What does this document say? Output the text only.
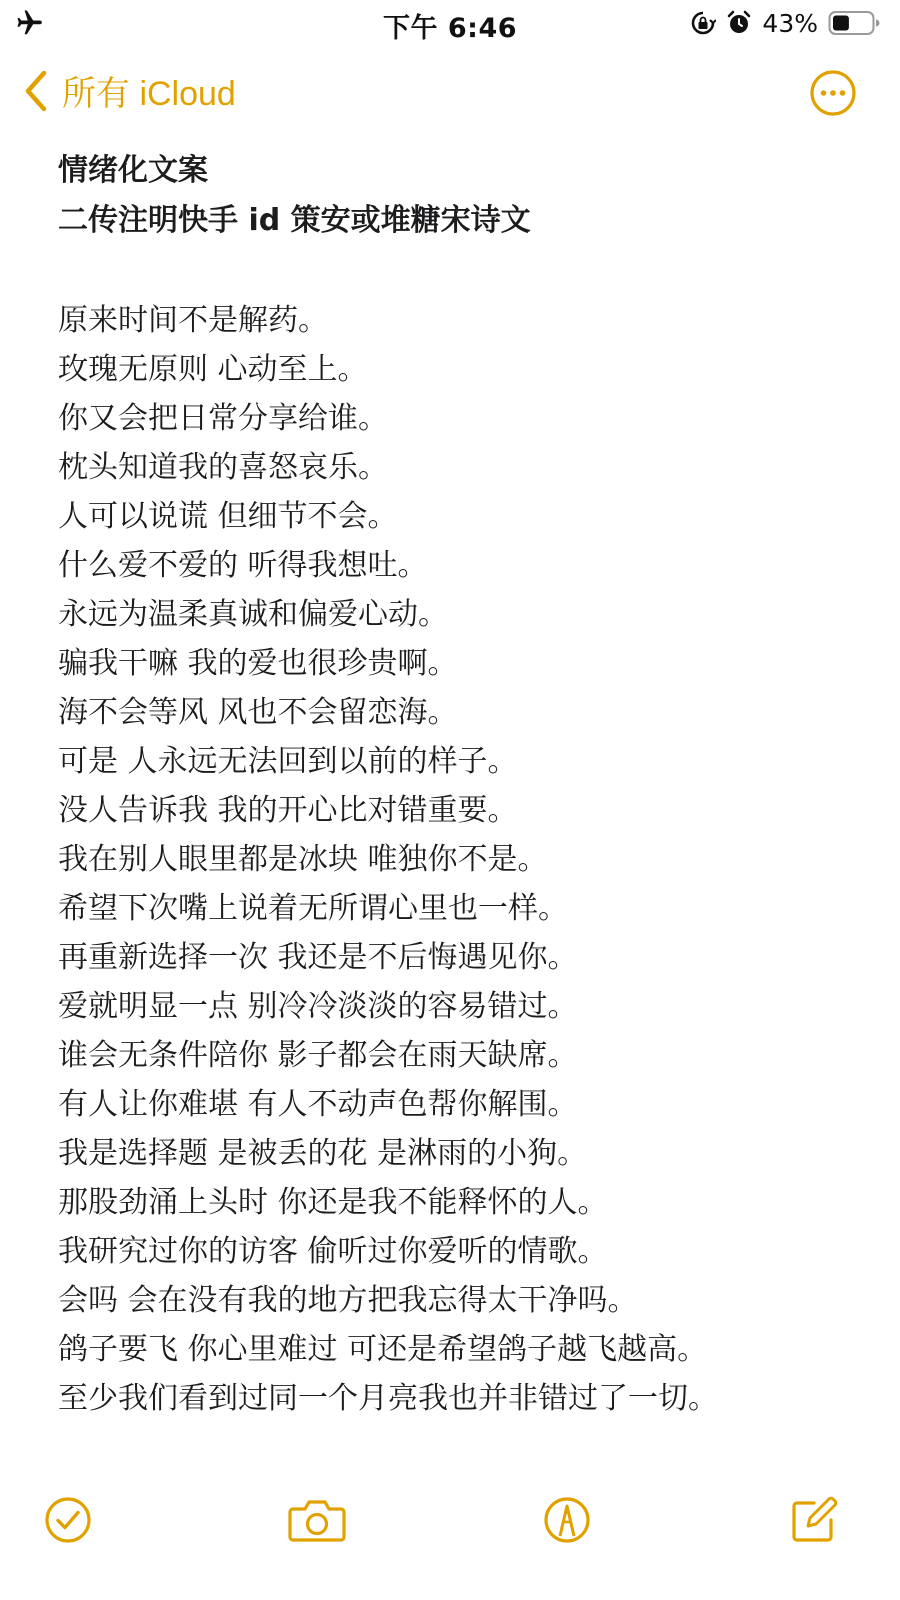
下午 6:46	43%
所有 iCloud

情绪化文案

二传注明快手 id 策安或堆糖宋诗文

原来时间不是解药。

玫瑰无原则 心动至上。

你又会把日常分享给谁。

枕头知道我的喜怒哀乐。

人可以说谎 但细节不会。

什么爱不爱的 听得我想吐。

永远为温柔真诚和偏爱心动。

骗我干嘛 我的爱也很珍贵啊。

海不会等风 风也不会留恋海。

可是 人永远无法回到以前的样子。

没人告诉我 我的开心比对错重要。

我在别人眼里都是冰块 唯独你不是。

希望下次嘴上说着无所谓心里也一样。

再重新选择一次 我还是不后悔遇见你。

爱就明显一点 别冷冷淡淡的容易错过。

谁会无条件陪你 影子都会在雨天缺席。

有人让你难堪 有人不动声色帮你解围。

我是选择题 是被丢的花 是淋雨的小狗。

那股劲涌上头时 你还是我不能释怀的人。

我研究过你的访客 偷听过你爱听的情歌。

会吗 会在没有我的地方把我忘得太干净吗。

鸽子要飞 你心里难过 可还是希望鸽子越飞越高。

至少我们看到过同一个月亮我也并非错过了一切。
